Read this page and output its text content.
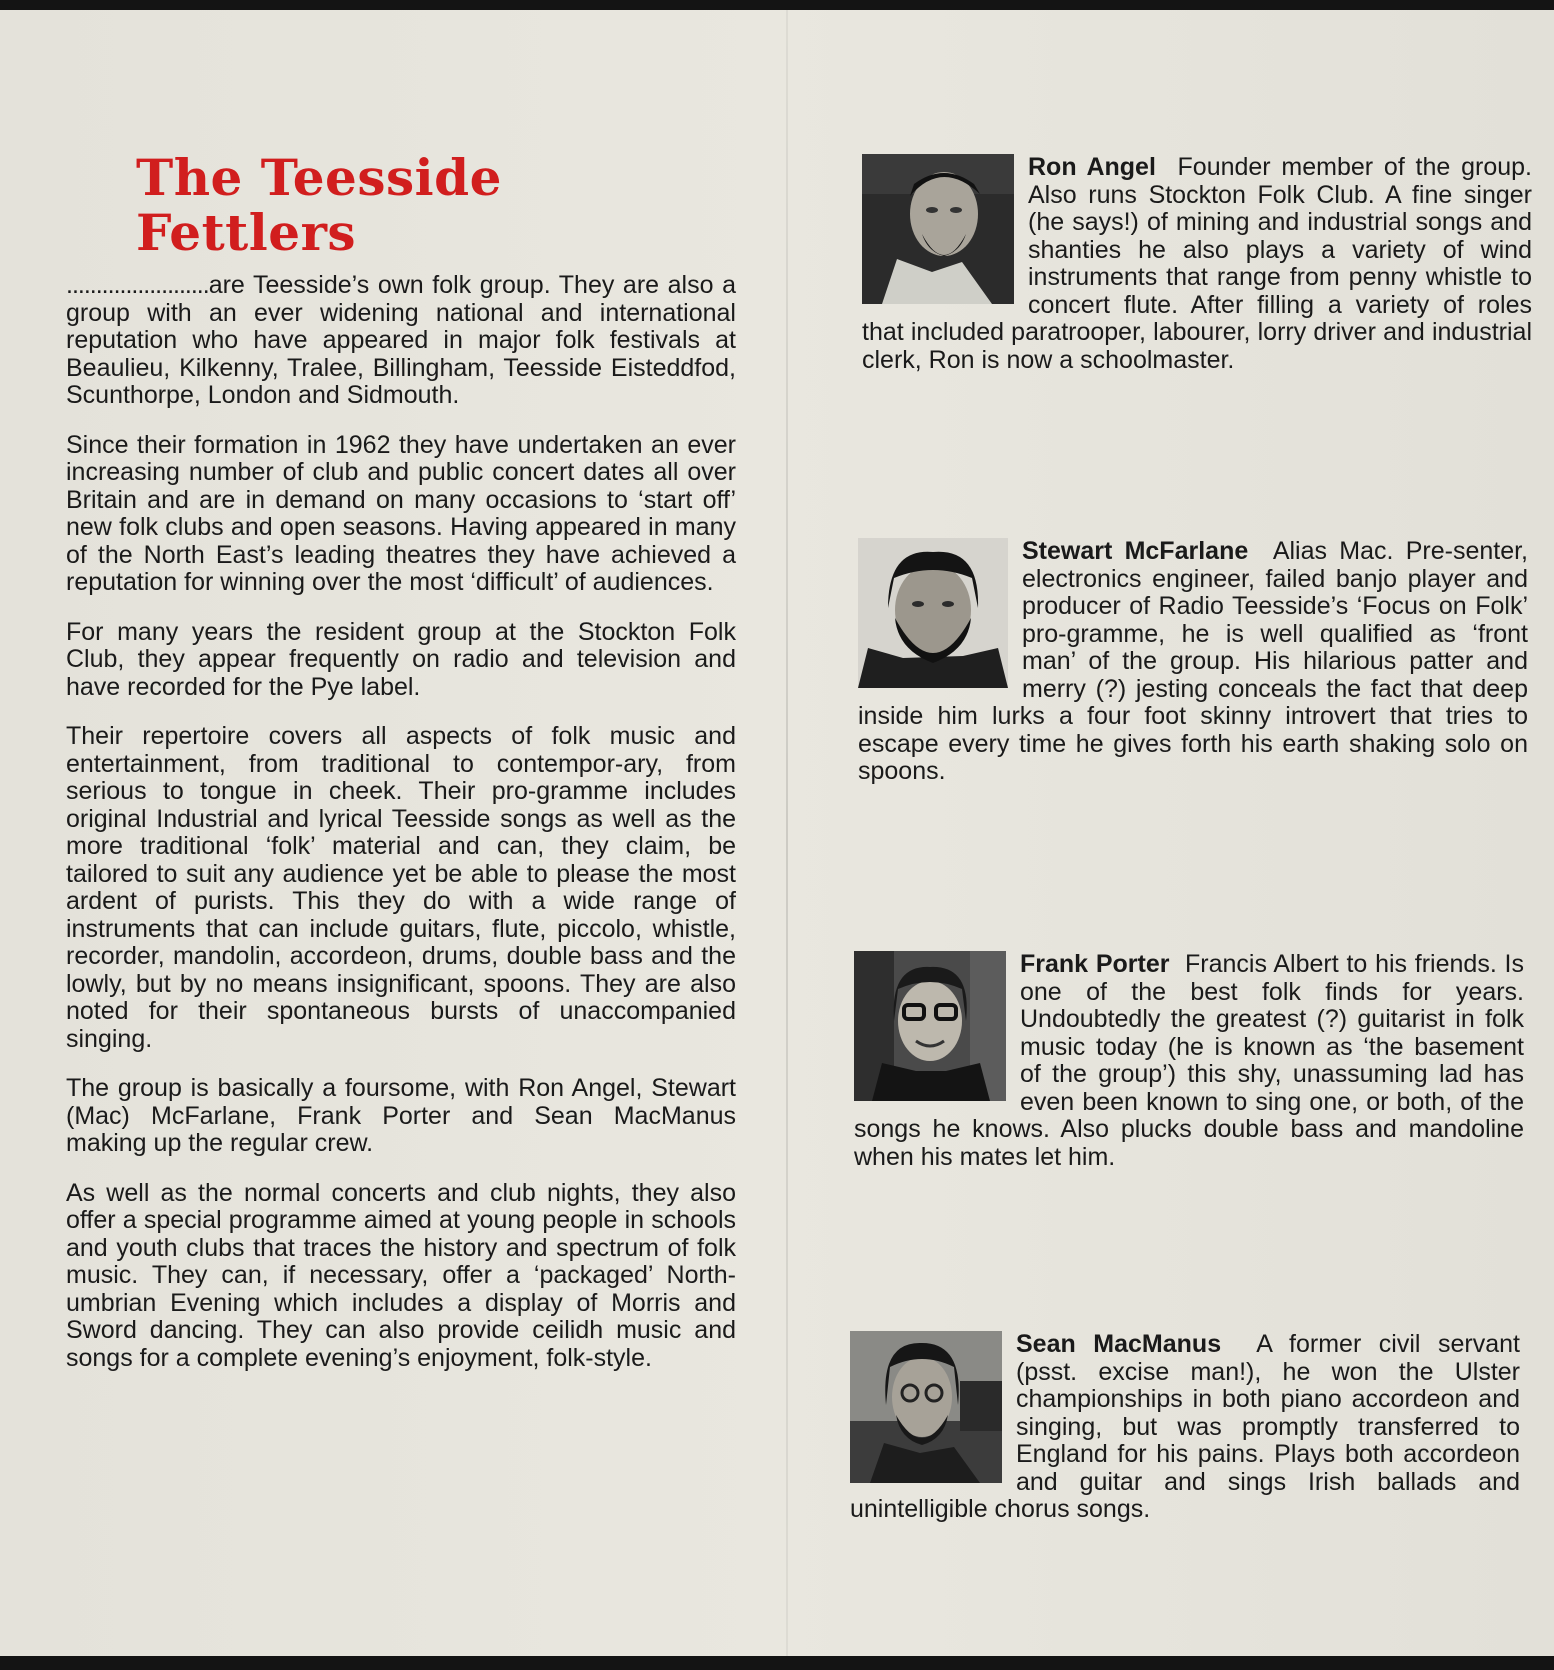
The Teesside Fettlers

........................are Teesside’s own folk group. They are also a group with an ever widening national and international reputation who have appeared in major folk festivals at Beaulieu, Kilkenny, Tralee, Billingham, Teesside Eisteddfod, Scunthorpe, London and Sidmouth.

Since their formation in 1962 they have undertaken an ever increasing number of club and public concert dates all over Britain and are in demand on many occasions to ‘start off’ new folk clubs and open seasons. Having appeared in many of the North East’s leading theatres they have achieved a reputation for winning over the most ‘difficult’ of audiences.

For many years the resident group at the Stockton Folk Club, they appear frequently on radio and television and have recorded for the Pye label.

Their repertoire covers all aspects of folk music and entertainment, from traditional to contempor-ary, from serious to tongue in cheek. Their pro-gramme includes original Industrial and lyrical Teesside songs as well as the more traditional ‘folk’ material and can, they claim, be tailored to suit any audience yet be able to please the most ardent of purists. This they do with a wide range of instruments that can include guitars, flute, piccolo, whistle, recorder, mandolin, accordeon, drums, double bass and the lowly, but by no means insignificant, spoons. They are also noted for their spontaneous bursts of unaccompanied singing.

The group is basically a foursome, with Ron Angel, Stewart (Mac) McFarlane, Frank Porter and Sean MacManus making up the regular crew.

As well as the normal concerts and club nights, they also offer a special programme aimed at young people in schools and youth clubs that traces the history and spectrum of folk music. They can, if necessary, offer a ‘packaged’ North-umbrian Evening which includes a display of Morris and Sword dancing. They can also provide ceilidh music and songs for a complete evening’s enjoyment, folk-style.

Ron Angel Founder member of the group. Also runs Stockton Folk Club. A fine singer (he says!) of mining and industrial songs and shanties he also plays a variety of wind instruments that range from penny whistle to concert flute. After filling a variety of roles that included paratrooper, labourer, lorry driver and industrial clerk, Ron is now a schoolmaster.
Stewart McFarlane Alias Mac. Pre-senter, electronics engineer, failed banjo player and producer of Radio Teesside’s ‘Focus on Folk’ pro-gramme, he is well qualified as ‘front man’ of the group. His hilarious patter and merry (?) jesting conceals the fact that deep inside him lurks a four foot skinny introvert that tries to escape every time he gives forth his earth shaking solo on spoons.
Frank Porter Francis Albert to his friends. Is one of the best folk finds for years. Undoubtedly the greatest (?) guitarist in folk music today (he is known as ‘the basement of the group’) this shy, unassuming lad has even been known to sing one, or both, of the songs he knows. Also plucks double bass and mandoline when his mates let him.
Sean MacManus A former civil servant (psst. excise man!), he won the Ulster championships in both piano accordeon and singing, but was promptly transferred to England for his pains. Plays both accordeon and guitar and sings Irish ballads and unintelligible chorus songs.
